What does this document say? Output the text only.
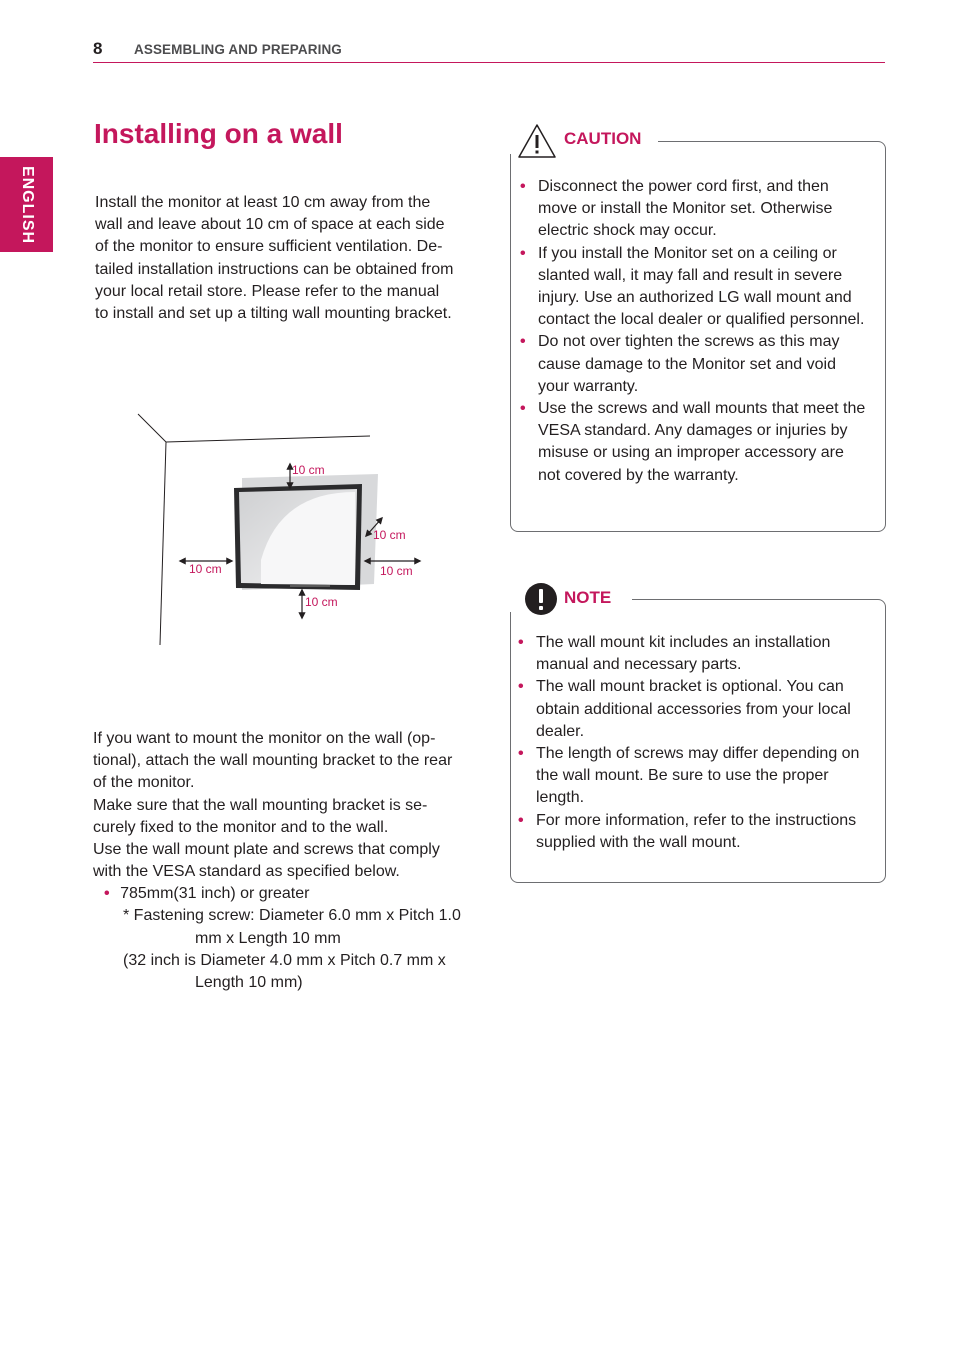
8 ASSEMBLING AND PREPARING
ENGLISH
Installing on a wall
Install the monitor at least 10 cm away from the
wall and leave about 10 cm of space at each side
of the monitor to ensure sufficient ventilation. De-
tailed installation instructions can be obtained from
your local retail store. Please refer to the manual
to install and set up a tilting wall mounting bracket.
10 cm
10 cm
10 cm
10 cm
10 cm
If you want to mount the monitor on the wall (op-
tional), attach the wall mounting bracket to the rear
of the monitor.
Make sure that the wall mounting bracket is se-
curely fixed to the monitor and to the wall.
Use the wall mount plate and screws that comply
with the VESA standard as specified below.
• 785mm(31 inch) or greater
* Fastening screw: Diameter 6.0 mm x Pitch 1.0
mm x Length 10 mm
(32 inch is Diameter 4.0 mm x Pitch 0.7 mm x
Length 10 mm)
CAUTION
• Disconnect the power cord first, and then move or install the Monitor set. Otherwise electric shock may occur.
• If you install the Monitor set on a ceiling or slanted wall, it may fall and result in severe injury. Use an authorized LG wall mount and contact the local dealer or qualified personnel.
• Do not over tighten the screws as this may cause damage to the Monitor set and void your warranty.
• Use the screws and wall mounts that meet the VESA standard. Any damages or injuries by misuse or using an improper accessory are not covered by the warranty.
NOTE
• The wall mount kit includes an installation manual and necessary parts.
• The wall mount bracket is optional. You can obtain additional accessories from your local dealer.
• The length of screws may differ depending on the wall mount. Be sure to use the proper length.
• For more information, refer to the instructions supplied with the wall mount.
